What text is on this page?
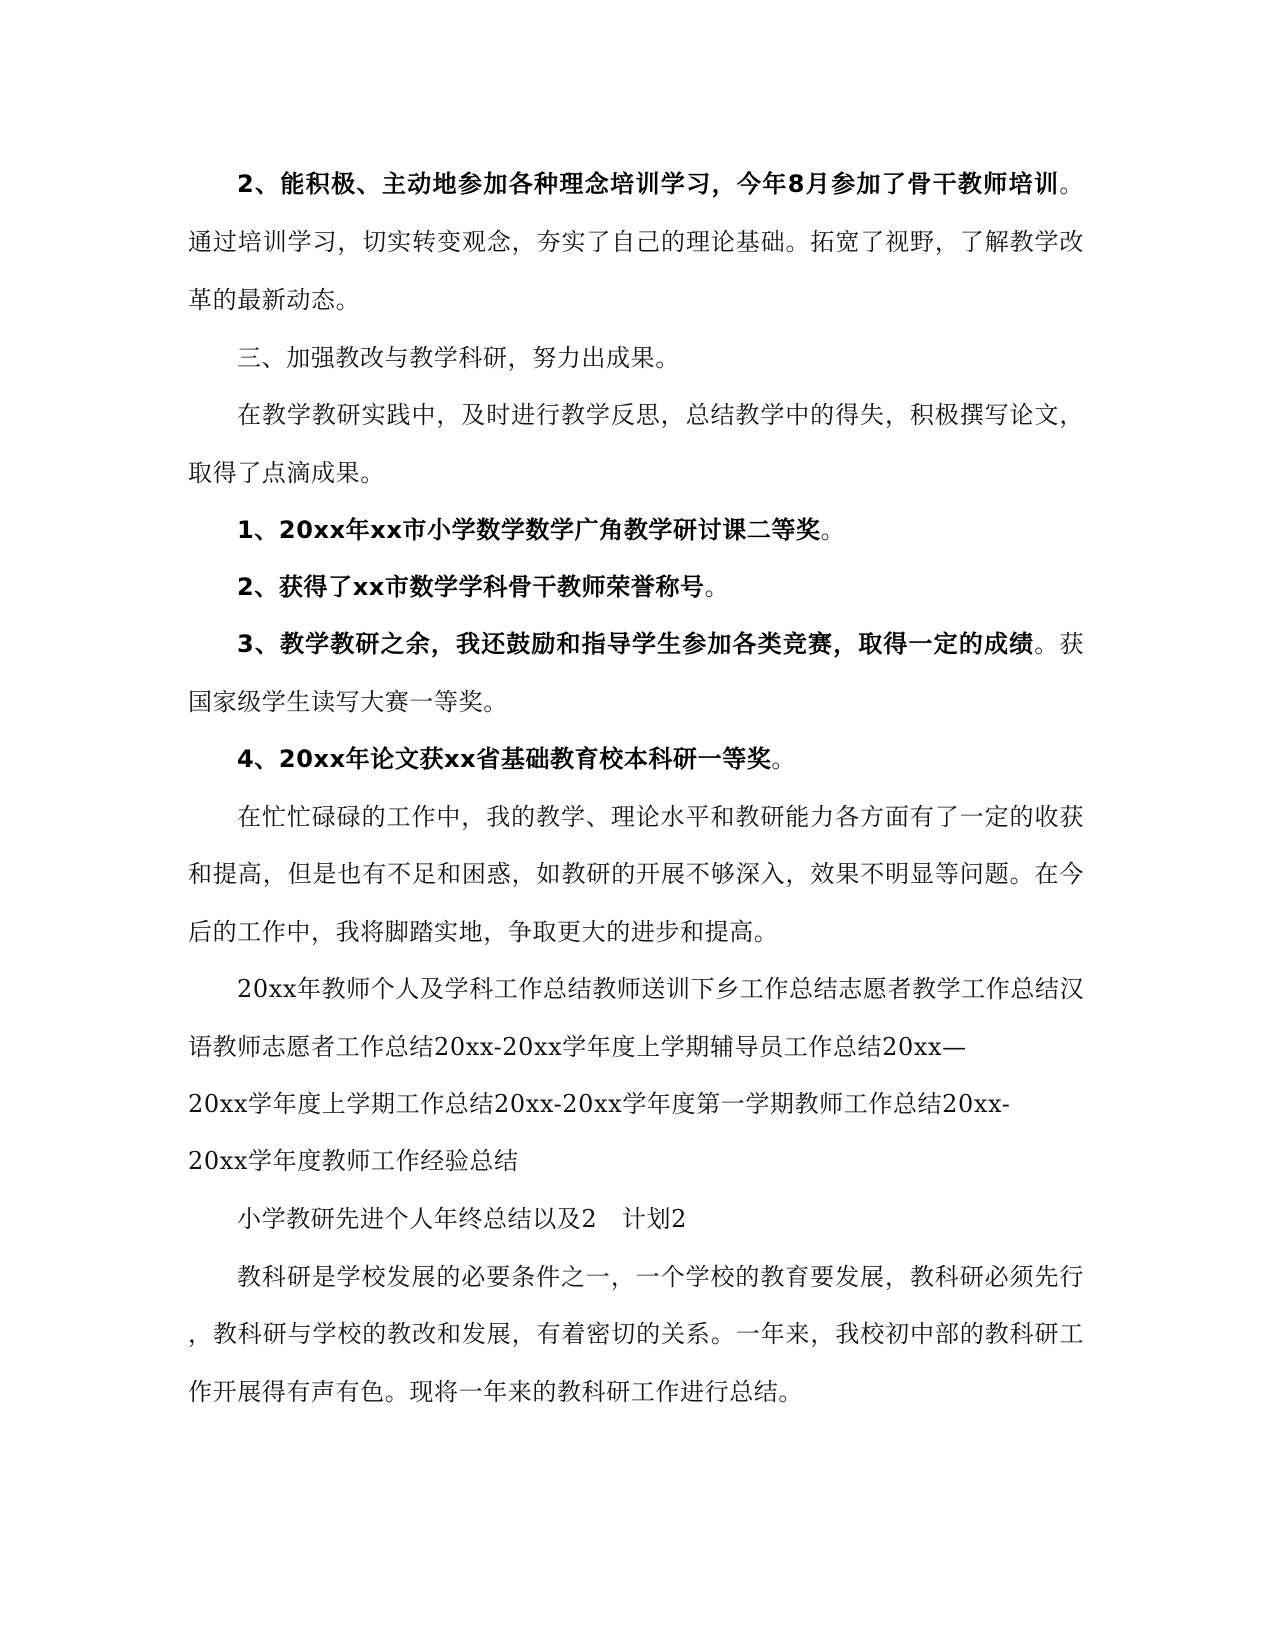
2、能积极、主动地参加各种理念培训学习，今年8月参加了骨干教师培训。
通过培训学习，切实转变观念，夯实了自己的理论基础。拓宽了视野，了解教学改
革的最新动态。
三、加强教改与教学科研，努力出成果。
在教学教研实践中，及时进行教学反思，总结教学中的得失，积极撰写论文，
取得了点滴成果。
1、20xx年xx市小学数学数学广角教学研讨课二等奖。
2、获得了xx市数学学科骨干教师荣誉称号。
3、教学教研之余，我还鼓励和指导学生参加各类竞赛，取得一定的成绩。获
国家级学生读写大赛一等奖。
4、20xx年论文获xx省基础教育校本科研一等奖。
在忙忙碌碌的工作中，我的教学、理论水平和教研能力各方面有了一定的收获
和提高，但是也有不足和困惑，如教研的开展不够深入，效果不明显等问题。在今
后的工作中，我将脚踏实地，争取更大的进步和提高。
20xx年教师个人及学科工作总结教师送训下乡工作总结志愿者教学工作总结汉
语教师志愿者工作总结20xx-20xx学年度上学期辅导员工作总结20xx—
20xx学年度上学期工作总结20xx-20xx学年度第一学期教师工作总结20xx-
20xx学年度教师工作经验总结
小学教研先进个人年终总结以及2　计划2
教科研是学校发展的必要条件之一，一个学校的教育要发展，教科研必须先行
，教科研与学校的教改和发展，有着密切的关系。一年来，我校初中部的教科研工
作开展得有声有色。现将一年来的教科研工作进行总结。
